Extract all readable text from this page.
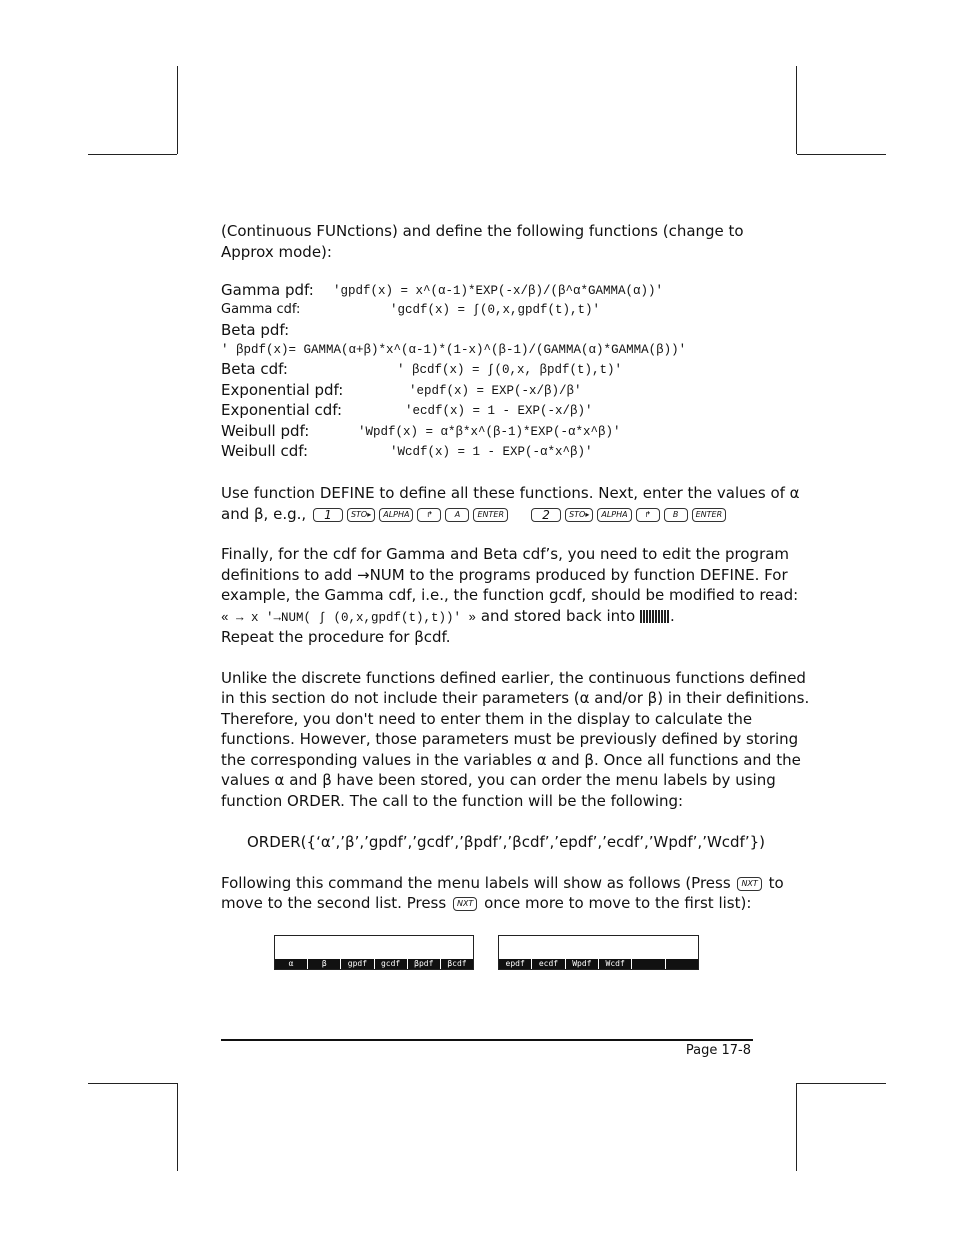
(Continuous FUNctions) and define the following functions (change to Approx mode):
Gamma pdf: 'gpdf(x) = x^(α-1)*EXP(-x/β)/(β^α*GAMMA(α))'
Gamma cdf:	'gcdf(x) = ∫(0,x,gpdf(t),t)'
Beta pdf:
' βpdf(x)= GAMMA(α+β)*x^(α-1)*(1-x)^(β-1)/(GAMMA(α)*GAMMA(β))'
Beta cdf:	' βcdf(x) = ∫(0,x, βpdf(t),t)'
Exponential pdf:	'epdf(x) = EXP(-x/β)/β'
Exponential cdf:	'ecdf(x) = 1 - EXP(-x/β)'
Weibull pdf:	'Wpdf(x) = α*β*x^(β-1)*EXP(-α*x^β)'
Weibull cdf:	'Wcdf(x) = 1 - EXP(-α*x^β)'
Use function DEFINE to define all these functions. Next, enter the values of α
and β, e.g., 1 STO▸ ALPHA ↱	A ENTER	2 STO▸ ALPHA ↱	B ENTER
Finally, for the cdf for Gamma and Beta cdf’s, you need to edit the program
definitions to add →NUM to the programs produced by function DEFINE. For
example, the Gamma cdf, i.e., the function gcdf, should be modified to read:
« → x '→NUM( ∫ (0,x,gpdf(t),t))' » and stored back into .
Repeat the procedure for βcdf.
Unlike the discrete functions defined earlier, the continuous functions defined
in this section do not include their parameters (α and/or β) in their definitions.
Therefore, you don't need to enter them in the display to calculate the
functions. However, those parameters must be previously defined by storing
the corresponding values in the variables α and β. Once all functions and the
values α and β have been stored, you can order the menu labels by using
function ORDER. The call to the function will be the following:
ORDER({‘α’,’β’,’gpdf’,’gcdf’,’βpdf’,’βcdf’,’epdf’,’ecdf’,’Wpdf’,’Wcdf’})
Following this command the menu labels will show as follows (Press NXT to
move to the second list. Press NXT once more to move to the first list):
α	β	gpdf	gcdf	βpdf	βcdf	epdf	ecdf	Wpdf	Wcdf
Page 17-8
